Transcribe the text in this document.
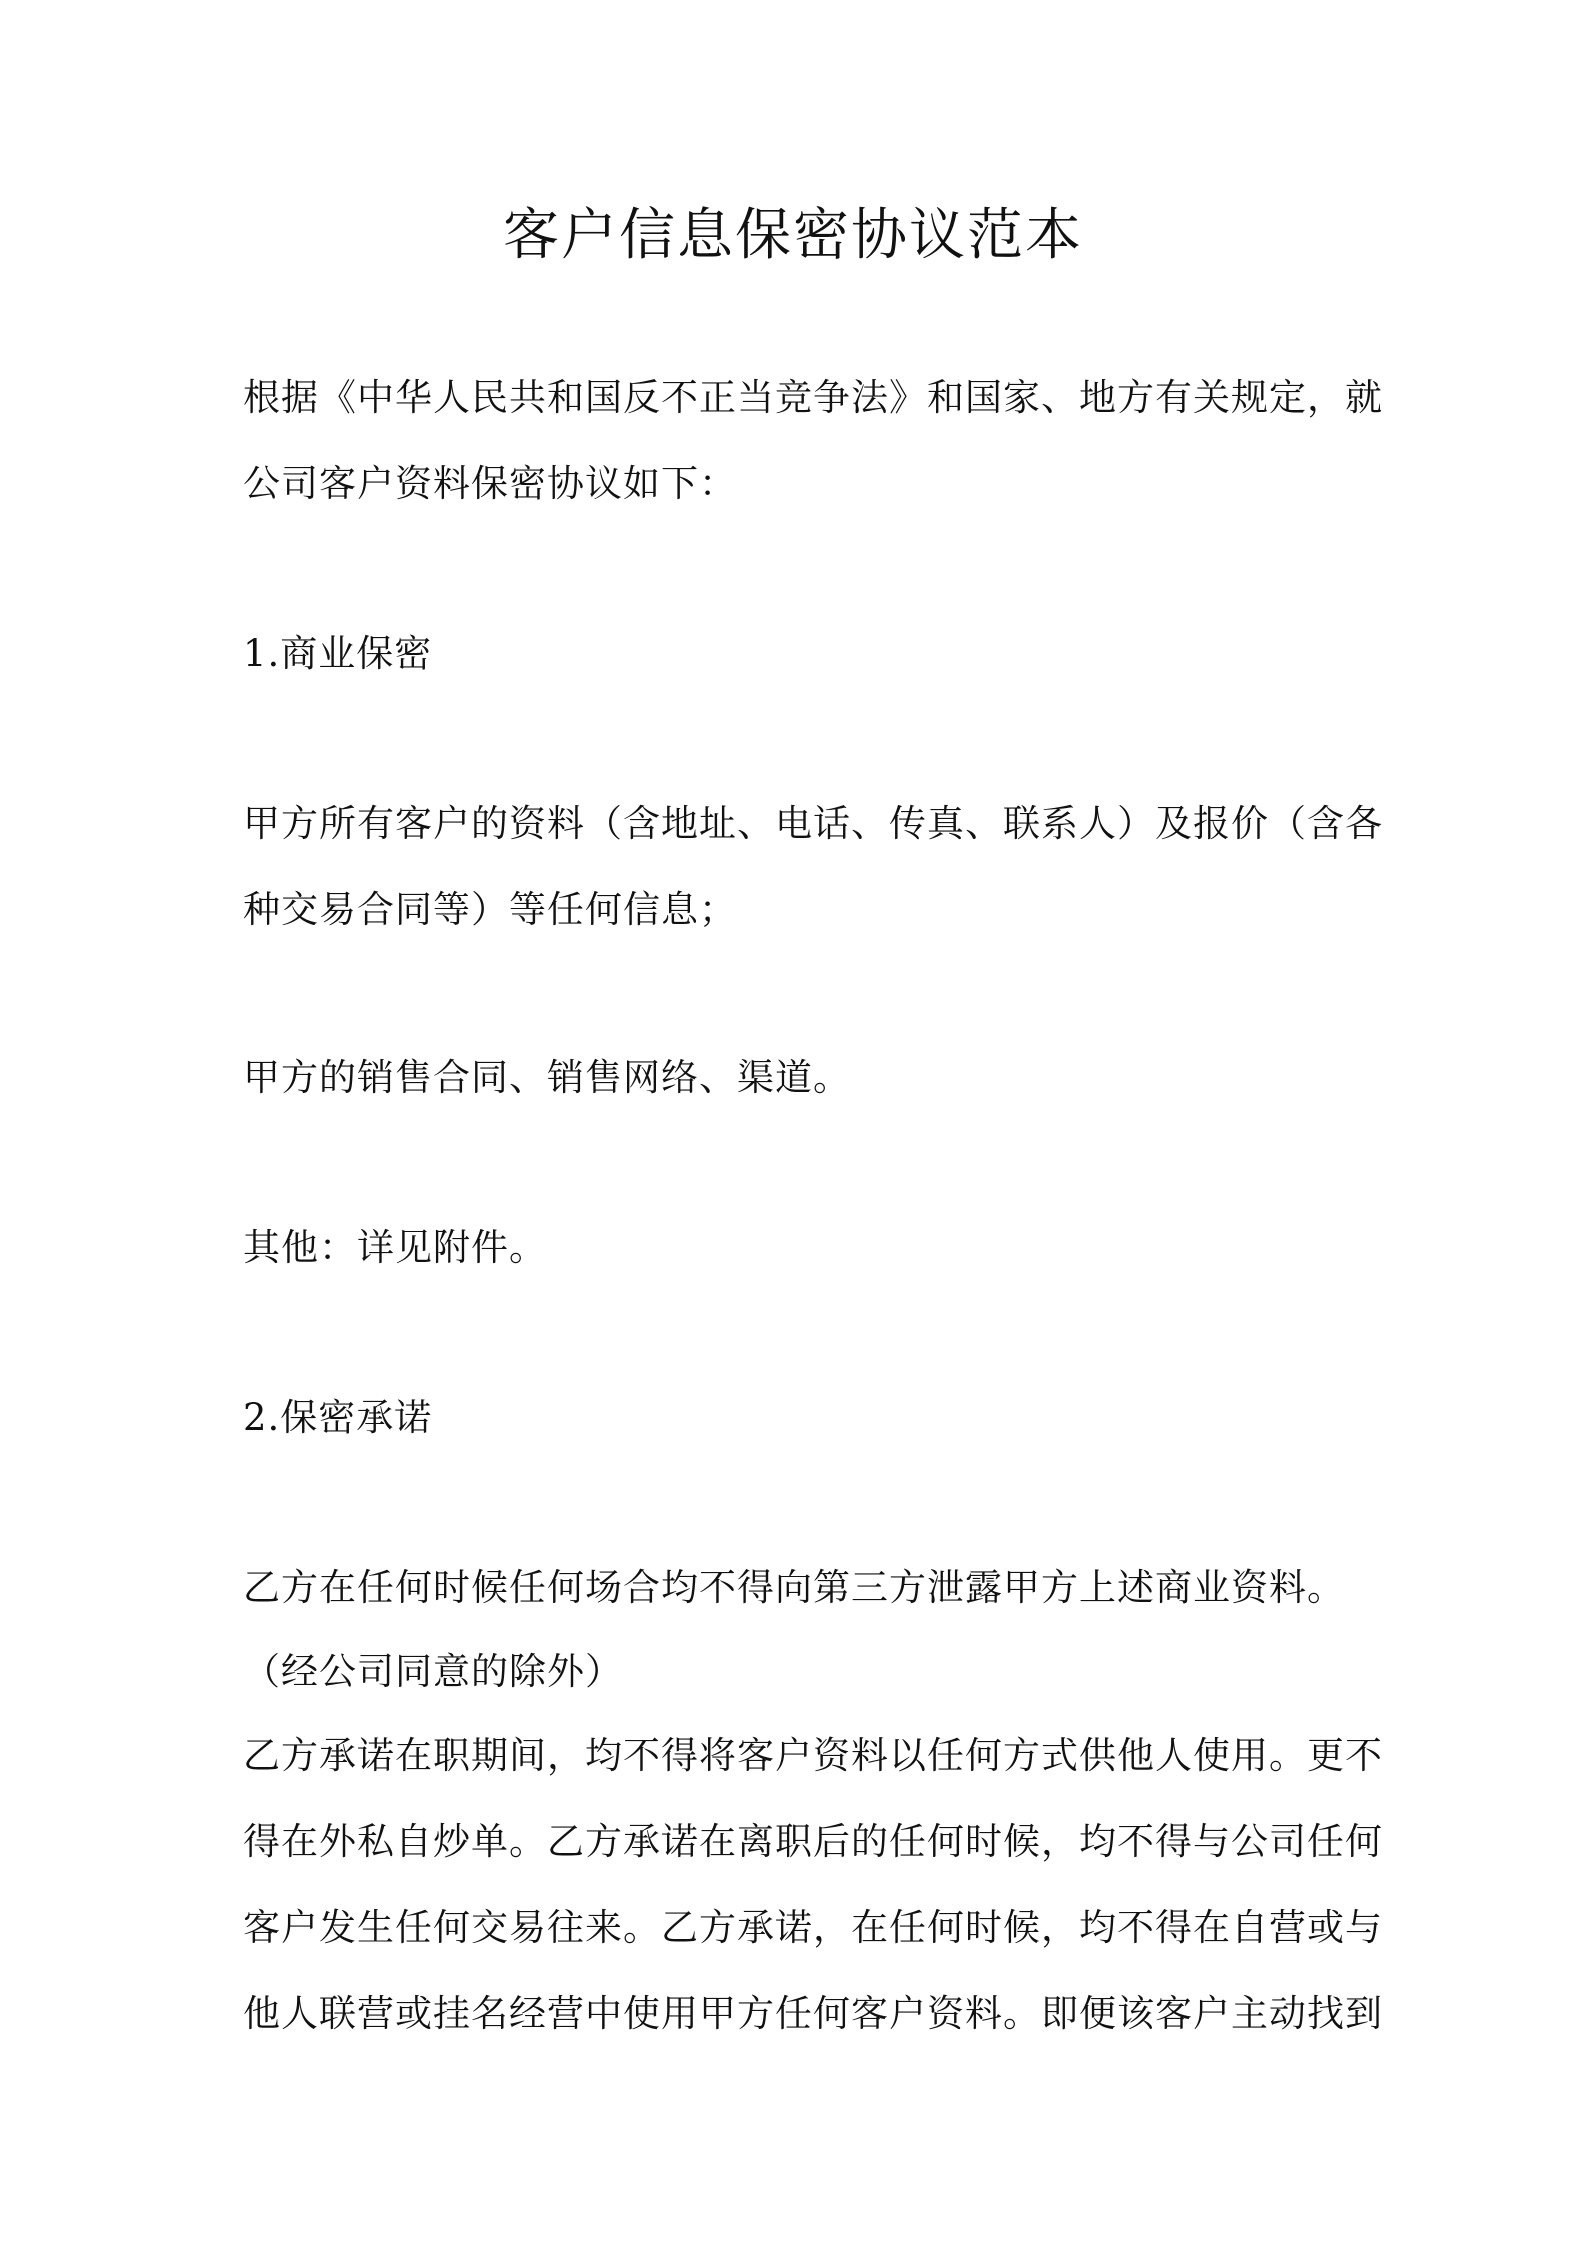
客户信息保密协议范本
根据《中华人民共和国反不正当竞争法》和国家、地方有关规定，就
公司客户资料保密协议如下：
1.商业保密
甲方所有客户的资料（含地址、电话、传真、联系人）及报价（含各
种交易合同等）等任何信息；
甲方的销售合同、销售网络、渠道。
其他：详见附件。
2.保密承诺
乙方在任何时候任何场合均不得向第三方泄露甲方上述商业资料。
（经公司同意的除外）
乙方承诺在职期间，均不得将客户资料以任何方式供他人使用。更不
得在外私自炒单。乙方承诺在离职后的任何时候，均不得与公司任何
客户发生任何交易往来。乙方承诺，在任何时候，均不得在自营或与
他人联营或挂名经营中使用甲方任何客户资料。即便该客户主动找到
